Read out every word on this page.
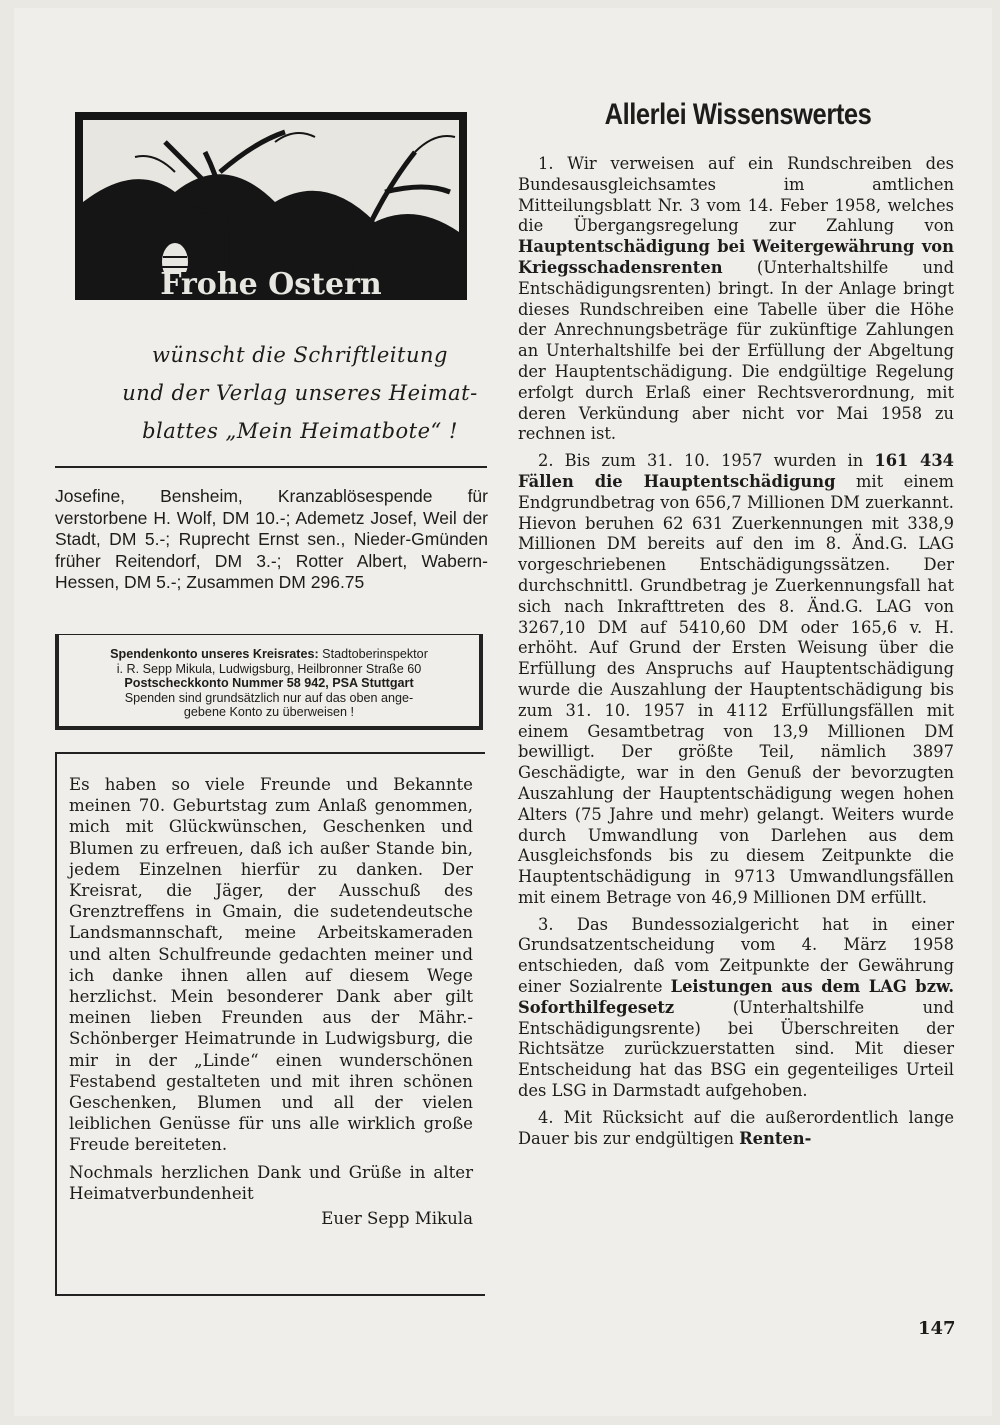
Frohe Ostern
wünscht die Schriftleitung
und der Verlag unseres Heimat-
blattes „Mein Heimatbote“ !
Josefine, Bensheim, Kranzablösespende für verstorbene H. Wolf, DM 10.-; Ademetz Josef, Weil der Stadt, DM 5.-; Ruprecht Ernst sen., Nieder-Gmünden früher Reitendorf, DM 3.-; Rotter Albert, Wabern-Hessen, DM 5.-; Zusammen DM 296.75
Spendenkonto unseres Kreisrates: Stadtoberinspektor
i. R. Sepp Mikula, Ludwigsburg, Heilbronner Straße 60
Postscheckkonto Nummer 58 942, PSA Stuttgart
Spenden sind grundsätzlich nur auf das oben ange-
gebene Konto zu überweisen !

Es haben so viele Freunde und Bekannte meinen 70. Geburtstag zum Anlaß genommen, mich mit Glückwünschen, Geschenken und Blumen zu erfreuen, daß ich außer Stande bin, jedem Einzelnen hierfür zu danken. Der Kreisrat, die Jäger, der Ausschuß des Grenztreffens in Gmain, die sudetendeutsche Landsmannschaft, meine Arbeitskameraden und alten Schulfreunde gedachten meiner und ich danke ihnen allen auf diesem Wege herzlichst. Mein besonderer Dank aber gilt meinen lieben Freunden aus der Mähr.-Schönberger Heimatrunde in Ludwigsburg, die mir in der „Linde“ einen wunderschönen Festabend gestalteten und mit ihren schönen Geschenken, Blumen und all der vielen leiblichen Genüsse für uns alle wirklich große Freude bereiteten.

Nochmals herzlichen Dank und Grüße in alter Heimatverbundenheit

Euer Sepp Mikula

Allerlei Wissenswertes

1. Wir verweisen auf ein Rundschreiben des Bundesausgleichsamtes im amtlichen Mitteilungsblatt Nr. 3 vom 14. Feber 1958, welches die Übergangsregelung zur Zahlung von Hauptentschädigung bei Weitergewährung von Kriegsschadensrenten (Unterhaltshilfe und Entschädigungsrenten) bringt. In der Anlage bringt dieses Rundschreiben eine Tabelle über die Höhe der Anrechnungsbeträge für zukünftige Zahlungen an Unterhaltshilfe bei der Erfüllung der Abgeltung der Hauptentschädigung. Die endgültige Regelung erfolgt durch Erlaß einer Rechtsverordnung, mit deren Verkündung aber nicht vor Mai 1958 zu rechnen ist.

2. Bis zum 31. 10. 1957 wurden in 161 434 Fällen die Hauptentschädigung mit einem Endgrundbetrag von 656,7 Millionen DM zuerkannt. Hievon beruhen 62 631 Zuerkennungen mit 338,9 Millionen DM bereits auf den im 8. Änd.G. LAG vorgeschriebenen Entschädigungssätzen. Der durchschnittl. Grundbetrag je Zuerkennungsfall hat sich nach Inkrafttreten des 8. Änd.G. LAG von 3267,10 DM auf 5410,60 DM oder 165,6 v. H. erhöht. Auf Grund der Ersten Weisung über die Erfüllung des Anspruchs auf Hauptentschädigung wurde die Auszahlung der Hauptentschädigung bis zum 31. 10. 1957 in 4112 Erfüllungsfällen mit einem Gesamtbetrag von 13,9 Millionen DM bewilligt. Der größte Teil, nämlich 3897 Geschädigte, war in den Genuß der bevorzugten Auszahlung der Hauptentschädigung wegen hohen Alters (75 Jahre und mehr) gelangt. Weiters wurde durch Umwandlung von Darlehen aus dem Ausgleichsfonds bis zu diesem Zeitpunkte die Hauptentschädigung in 9713 Umwandlungsfällen mit einem Betrage von 46,9 Millionen DM erfüllt.

3. Das Bundessozialgericht hat in einer Grundsatzentscheidung vom 4. März 1958 entschieden, daß vom Zeitpunkte der Gewährung einer Sozialrente Leistungen aus dem LAG bzw. Soforthilfegesetz (Unterhaltshilfe und Entschädigungsrente) bei Überschreiten der Richtsätze zurückzuerstatten sind. Mit dieser Entscheidung hat das BSG ein gegenteiliges Urteil des LSG in Darmstadt aufgehoben.

4. Mit Rücksicht auf die außerordentlich lange Dauer bis zur endgültigen Renten-

147
